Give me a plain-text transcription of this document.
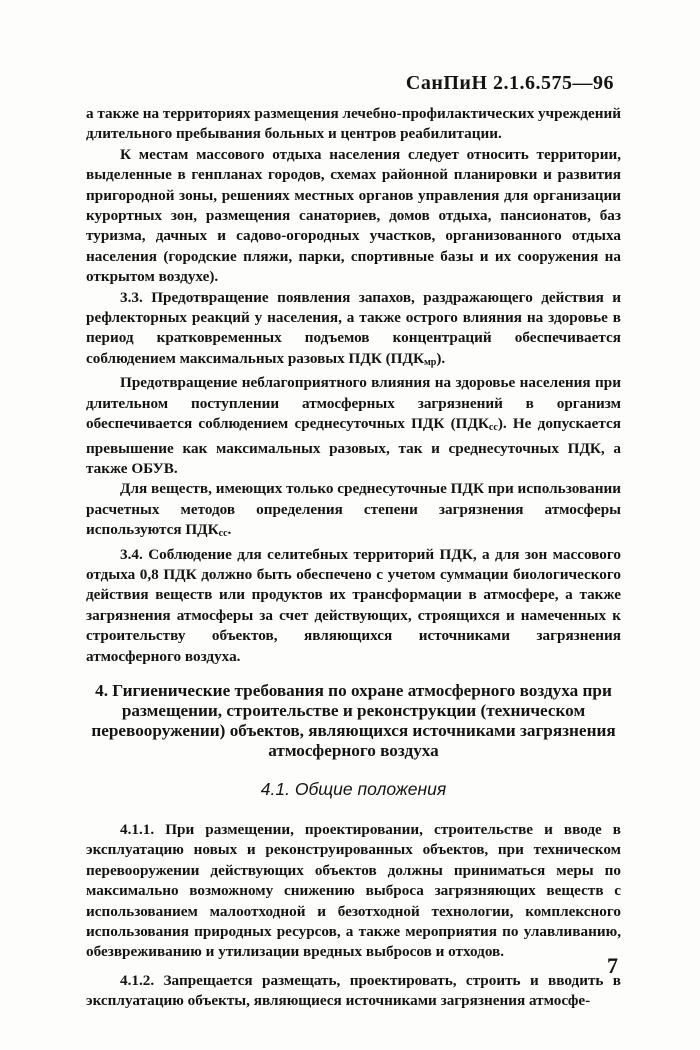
СанПиН 2.1.6.575—96

а также на территориях размещения лечебно-профилактических учреждений длительного пребывания больных и центров реабилитации.

К местам массового отдыха населения следует относить территории, выделенные в генпланах городов, схемах районной планировки и развития пригородной зоны, решениях местных органов управления для организации курортных зон, размещения санаториев, домов отдыха, пансионатов, баз туризма, дачных и садово-огородных участков, организованного отдыха населения (городские пляжи, парки, спортивные базы и их сооружения на открытом воздухе).

3.3. Предотвращение появления запахов, раздражающего действия и рефлекторных реакций у населения, а также острого влияния на здоровье в период кратковременных подъемов концентраций обеспечивается соблюдением максимальных разовых ПДК $(ПДК_{мр})$.

Предотвращение неблагоприятного влияния на здоровье населения при длительном поступлении атмосферных загрязнений в организм обеспечивается соблюдением среднесуточных ПДК $(ПДК_{сс})$. Не допускается превышение как максимальных разовых, так и среднесуточных ПДК, а также ОБУВ.

Для веществ, имеющих только среднесуточные ПДК при использовании расчетных методов определения степени загрязнения атмосферы используются $ПДК_{сс}$.

3.4. Соблюдение для селитебных территорий ПДК, а для зон массового отдыха 0,8 ПДК должно быть обеспечено с учетом суммации биологического действия веществ или продуктов их трансформации в атмосфере, а также загрязнения атмосферы за счет действующих, строящихся и намеченных к строительству объектов, являющихся источниками загрязнения атмосферного воздуха.

4. Гигиенические требования по охране атмосферного воздуха при размещении, строительстве и реконструкции (техническом перевооружении) объектов, являющихся источниками загрязнения атмосферного воздуха
4.1. Общие положения

4.1.1. При размещении, проектировании, строительстве и вводе в эксплуатацию новых и реконструированных объектов, при техническом перевооружении действующих объектов должны приниматься меры по максимально возможному снижению выброса загрязняющих веществ с использованием малоотходной и безотходной технологии, комплексного использования природных ресурсов, а также мероприятия по улавливанию, обезвреживанию и утилизации вредных выбросов и отходов.

4.1.2. Запрещается размещать, проектировать, строить и вводить в эксплуатацию объекты, являющиеся источниками загрязнения атмосфе-

7
